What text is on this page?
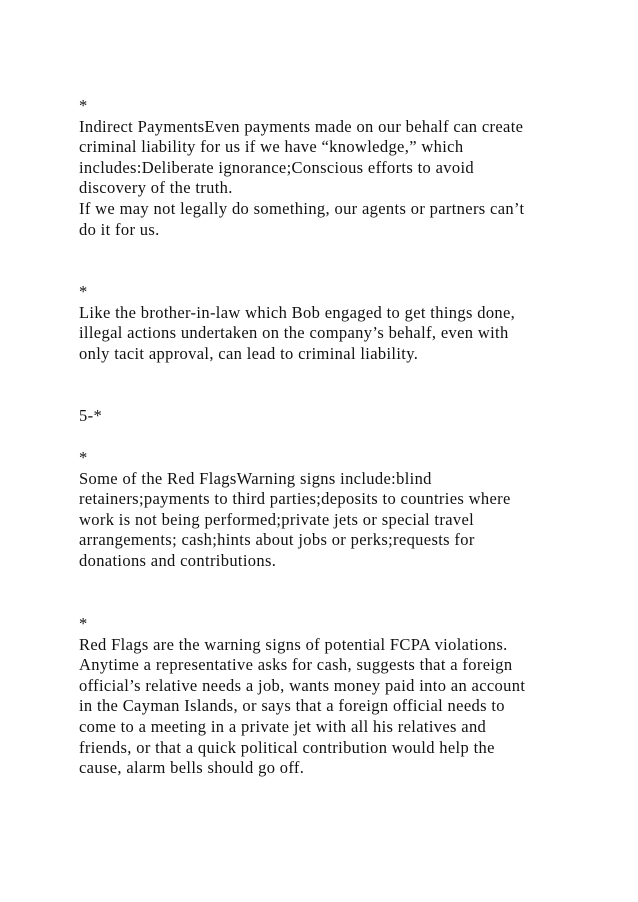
*
Indirect PaymentsEven payments made on our behalf can create
criminal liability for us if we have “knowledge,” which
includes:Deliberate ignorance;Conscious efforts to avoid
discovery of the truth.
If we may not legally do something, our agents or partners can’t
do it for us.

*
Like the brother-in-law which Bob engaged to get things done,
illegal actions undertaken on the company’s behalf, even with
only tacit approval, can lead to criminal liability.

5-*

*
Some of the Red FlagsWarning signs include:blind
retainers;payments to third parties;deposits to countries where
work is not being performed;private jets or special travel
arrangements; cash;hints about jobs or perks;requests for
donations and contributions.

*
Red Flags are the warning signs of potential FCPA violations.
Anytime a representative asks for cash, suggests that a foreign
official’s relative needs a job, wants money paid into an account
in the Cayman Islands, or says that a foreign official needs to
come to a meeting in a private jet with all his relatives and
friends, or that a quick political contribution would help the
cause, alarm bells should go off.
